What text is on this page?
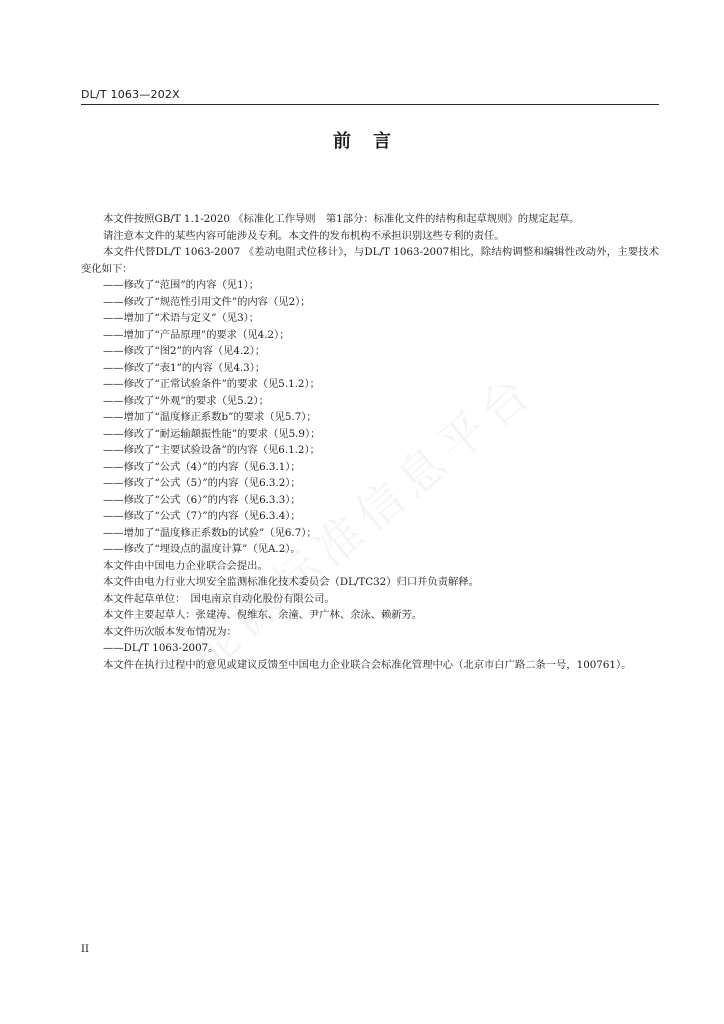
DL/T 1063—202X
前言

本文件按照GB/T 1.1-2020 《标准化工作导则　第1部分：标准化文件的结构和起草规则》的规定起草。

请注意本文件的某些内容可能涉及专利。本文件的发布机构不承担识别这些专利的责任。

本文件代替DL/T 1063-2007 《差动电阻式位移计》，与DL/T 1063-2007相比，除结构调整和编辑性改动外，主要技术变化如下：

——修改了“范围”的内容（见1）；

——修改了“规范性引用文件”的内容（见2）；

——增加了“术语与定义”（见3）；

——增加了“产品原理”的要求（见4.2）；

——修改了“图2”的内容（见4.2）；

——修改了“表1”的内容（见4.3）；

——修改了“正常试验条件”的要求（见5.1.2）；

——修改了“外观”的要求（见5.2）；

——增加了“温度修正系数b”的要求（见5.7）；

——修改了“耐运输颠振性能”的要求（见5.9）；

——修改了“主要试验设备”的内容（见6.1.2）；

——修改了“公式（4）”的内容（见6.3.1）；

——修改了“公式（5）”的内容（见6.3.2）；

——修改了“公式（6）”的内容（见6.3.3）；

——修改了“公式（7）”的内容（见6.3.4）；

——增加了“温度修正系数b的试验”（见6.7）；

——修改了“埋设点的温度计算”（见A.2）。

本文件由中国电力企业联合会提出。

本文件由电力行业大坝安全监测标准化技术委员会（DL/TC32）归口并负责解释。

本文件起草单位：　国电南京自动化股份有限公司。

本文件主要起草人：张建涛、倪维东、余潼、尹广林、余泳、赖新芳。

本文件历次版本发布情况为：

——DL/T 1063-2007。

本文件在执行过程中的意见或建议反馈至中国电力企业联合会标准化管理中心（北京市白广路二条一号，100761）。

II
